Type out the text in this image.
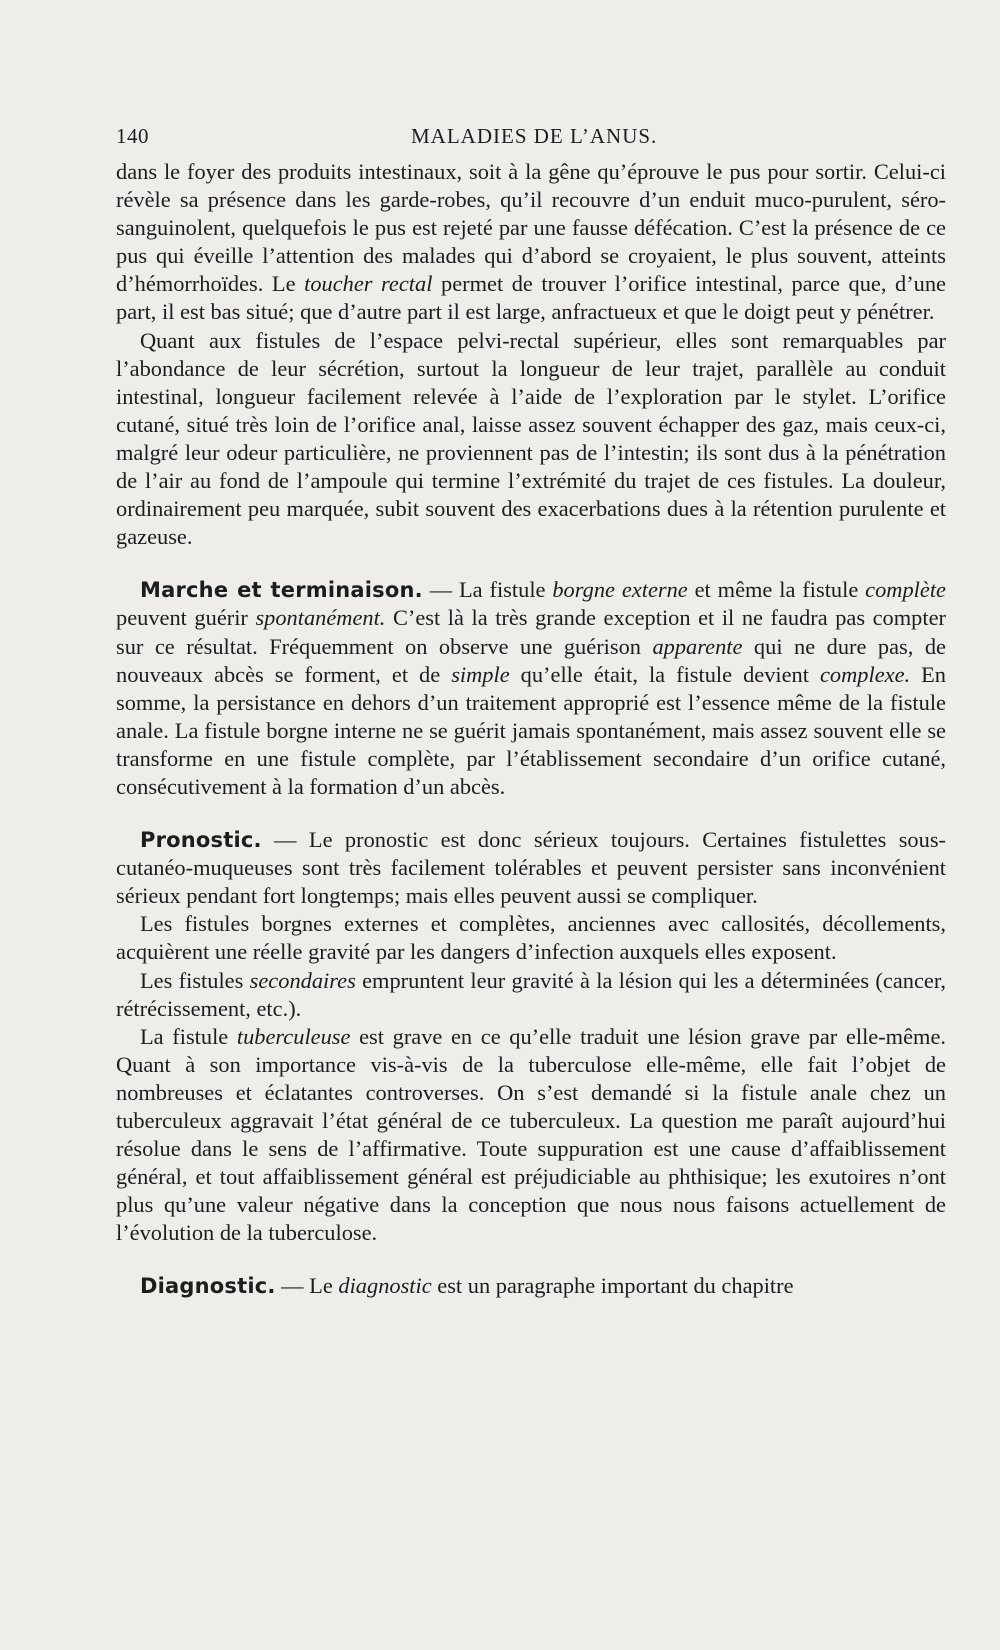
140	MALADIES DE L’ANUS.

dans le foyer des produits intestinaux, soit à la gêne qu’éprouve le pus pour sortir. Celui-ci révèle sa présence dans les garde-robes, qu’il recouvre d’un enduit muco-purulent, séro-sanguinolent, quelquefois le pus est rejeté par une fausse défécation. C’est la présence de ce pus qui éveille l’attention des malades qui d’abord se croyaient, le plus souvent, atteints d’hémorrhoïdes. Le toucher rectal permet de trouver l’orifice intestinal, parce que, d’une part, il est bas situé; que d’autre part il est large, anfractueux et que le doigt peut y pénétrer.

Quant aux fistules de l’espace pelvi-rectal supérieur, elles sont remarquables par l’abondance de leur sécrétion, surtout la longueur de leur trajet, parallèle au conduit intestinal, longueur facilement relevée à l’aide de l’exploration par le stylet. L’orifice cutané, situé très loin de l’orifice anal, laisse assez souvent échapper des gaz, mais ceux-ci, malgré leur odeur particulière, ne proviennent pas de l’intestin; ils sont dus à la pénétration de l’air au fond de l’ampoule qui termine l’extrémité du trajet de ces fistules. La douleur, ordinairement peu marquée, subit souvent des exacerbations dues à la rétention purulente et gazeuse.

Marche et terminaison. — La fistule borgne externe et même la fistule complète peuvent guérir spontanément. C’est là la très grande exception et il ne faudra pas compter sur ce résultat. Fréquemment on observe une guérison apparente qui ne dure pas, de nouveaux abcès se forment, et de simple qu’elle était, la fistule devient complexe. En somme, la persistance en dehors d’un traitement approprié est l’essence même de la fistule anale. La fistule borgne interne ne se guérit jamais spontanément, mais assez souvent elle se transforme en une fistule complète, par l’établissement secondaire d’un orifice cutané, consécutivement à la formation d’un abcès.

Pronostic. — Le pronostic est donc sérieux toujours. Certaines fistulettes sous-cutanéo-muqueuses sont très facilement tolérables et peuvent persister sans inconvénient sérieux pendant fort longtemps; mais elles peuvent aussi se compliquer.

Les fistules borgnes externes et complètes, anciennes avec callosités, décollements, acquièrent une réelle gravité par les dangers d’infection auxquels elles exposent.

Les fistules secondaires empruntent leur gravité à la lésion qui les a déterminées (cancer, rétrécissement, etc.).

La fistule tuberculeuse est grave en ce qu’elle traduit une lésion grave par elle-même. Quant à son importance vis-à-vis de la tuberculose elle-même, elle fait l’objet de nombreuses et éclatantes controverses. On s’est demandé si la fistule anale chez un tuberculeux aggravait l’état général de ce tuberculeux. La question me paraît aujourd’hui résolue dans le sens de l’affirmative. Toute suppuration est une cause d’affaiblissement général, et tout affaiblissement général est préjudiciable au phthisique; les exutoires n’ont plus qu’une valeur négative dans la conception que nous nous faisons actuellement de l’évolution de la tuberculose.

Diagnostic. — Le diagnostic est un paragraphe important du chapitre
